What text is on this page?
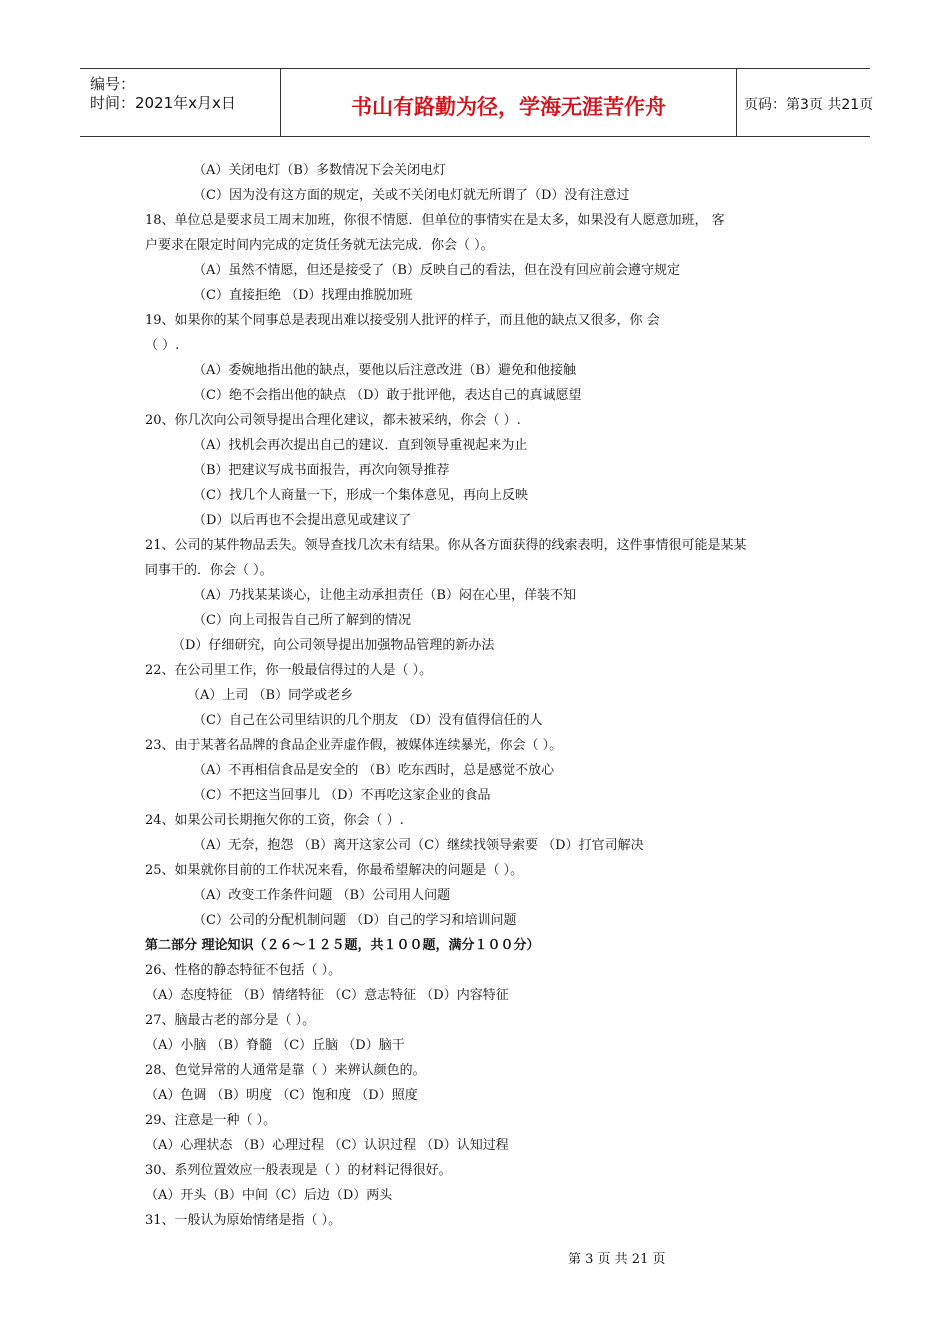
编号：
时间：2021年x月x日	书山有路勤为径，学海无涯苦作舟	页码：第3页 共21页
（A）关闭电灯（B）多数情况下会关闭电灯
（C）因为没有这方面的规定，关或不关闭电灯就无所谓了（D）没有注意过
18、单位总是要求员工周末加班，你很不情愿．但单位的事情实在是太多，如果没有人愿意加班， 客
户要求在限定时间内完成的定货任务就无法完成．你会（ ）。
（A）虽然不情愿，但还是接受了（B）反映自己的看法，但在没有回应前会遵守规定
（C）直接拒绝 （D）找理由推脱加班
19、如果你的某个同事总是表现出难以接受别人批评的样子，而且他的缺点又很多，你 会
（ ）.
（A）委婉地指出他的缺点，要他以后注意改进（B）避免和他接触
（C）绝不会指出他的缺点 （D）敢于批评他，表达自己的真诚愿望
20、你几次向公司领导提出合理化建议，都未被采纳，你会（ ）.
（A）找机会再次提出自己的建议．直到领导重视起来为止
（B）把建议写成书面报告，再次向领导推荐
（C）找几个人商量一下，形成一个集体意见，再向上反映
（D）以后再也不会提出意见或建议了
21、公司的某件物品丢失。领导查找几次未有结果。你从各方面获得的线索表明，这件事情很可能是某某
同事干的．你会（ ）。
（A）乃找某某谈心，让他主动承担责任（B）闷在心里，佯装不知
（C）向上司报告自己所了解到的情况
（D）仔细研究，向公司领导提出加强物品管理的新办法
22、在公司里工作，你一般最信得过的人是（ ）。
（A）上司 （B）同学或老乡
（C）自己在公司里结识的几个朋友 （D）没有值得信任的人
23、由于某著名品牌的食品企业弄虚作假，被媒体连续暴光，你会（ ）。
（A）不再相信食品是安全的 （B）吃东西时，总是感觉不放心
（C）不把这当回事儿 （D）不再吃这家企业的食品
24、如果公司长期拖欠你的工资，你会（ ）.
（A）无奈，抱怨 （B）离开这家公司（C）继续找领导索要 （D）打官司解决
25、如果就你目前的工作状况来看，你最希望解决的问题是（ ）。
（A）改变工作条件问题 （B）公司用人问题
（C）公司的分配机制问题 （D）自己的学习和培训问题
第二部分 理论知识（２６～１２５题，共１００题，满分１００分）
26、性格的静态特征不包括（ ）。
（A）态度特征 （B）情绪特征 （C）意志特征 （D）内容特征
27、脑最古老的部分是（ ）。
（A）小脑 （B）脊髓 （C）丘脑 （D）脑干
28、色觉异常的人通常是靠（ ）来辨认颜色的。
（A）色调 （B）明度 （C）饱和度 （D）照度
29、注意是一种（ ）。
（A）心理状态 （B）心理过程 （C）认识过程 （D）认知过程
30、系列位置效应一般表现是（ ）的材料记得很好。
（A）开头（B）中间（C）后边（D）两头
31、一般认为原始情绪是指（ ）。
第 3 页 共 21 页
